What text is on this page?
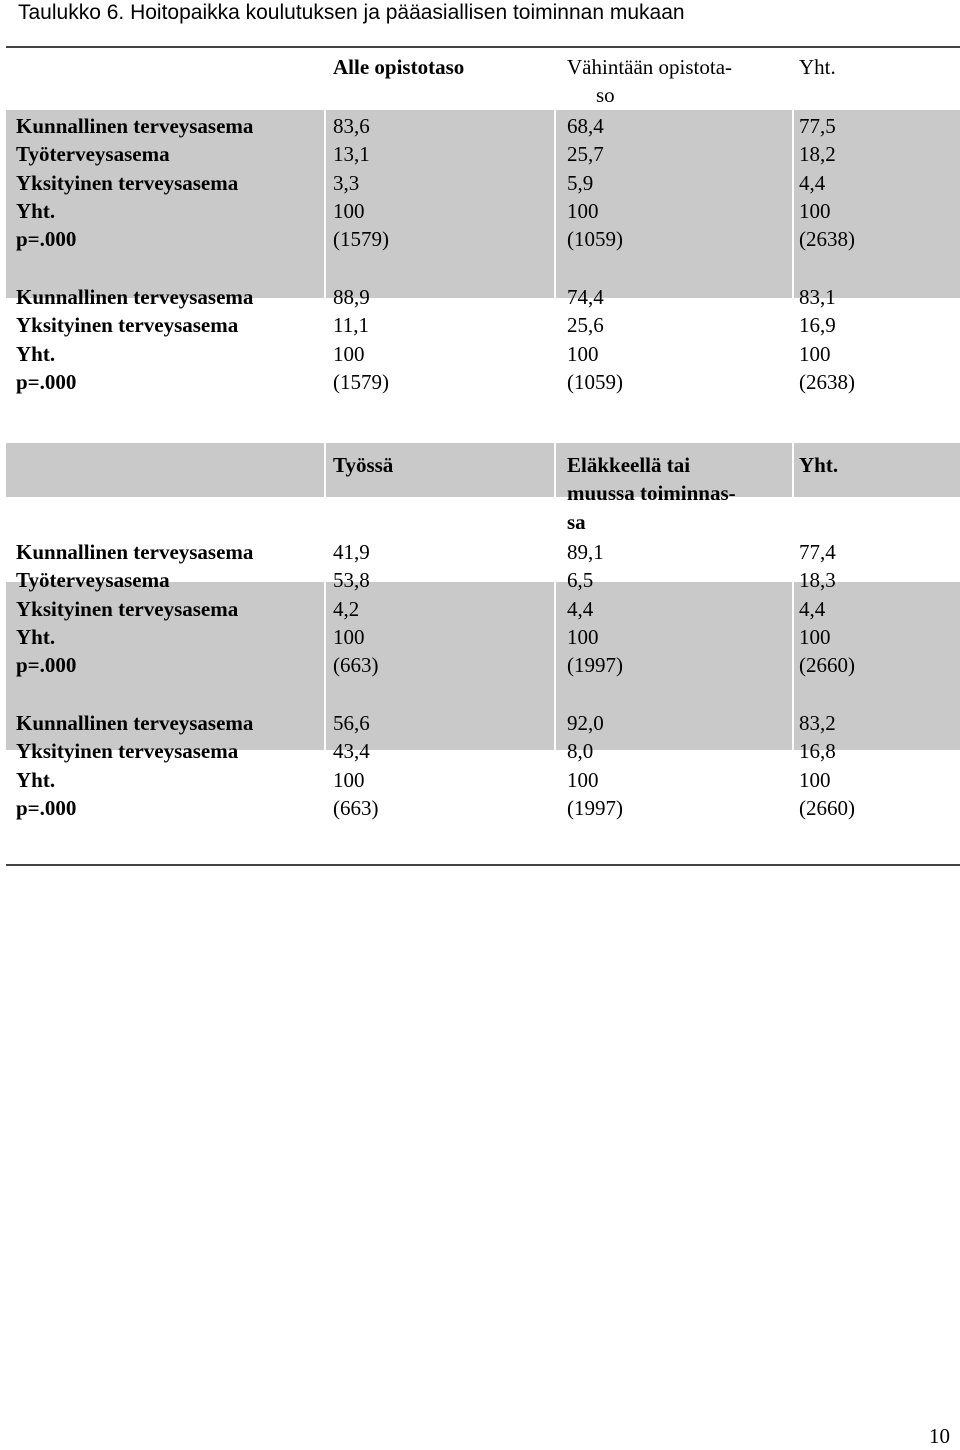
Taulukko 6. Hoitopaikka koulutuksen ja pääasiallisen toiminnan mukaan
Alle opistotaso	Vähintään opistota-
so
Yht.
Työssä	Eläkkeellä tai
muussa toiminnas-
sa
Yht.
Kunnallinen terveysasema
Työterveysasema
Yksityinen terveysasema
Yht.
p=.000
83,6
13,1
3,3
100
(1579)
68,4
25,7
5,9
100
(1059)
77,5
18,2
4,4
100
(2638)
Kunnallinen terveysasema
Yksityinen terveysasema
Yht.
p=.000
88,9
11,1
100
(1579)
74,4
25,6
100
(1059)
83,1
16,9
100
(2638)
Kunnallinen terveysasema
Työterveysasema
Yksityinen terveysasema
Yht.
p=.000
41,9
53,8
4,2
100
(663)
89,1
6,5
4,4
100
(1997)
77,4
18,3
4,4
100
(2660)
Kunnallinen terveysasema
Yksityinen terveysasema
Yht.
p=.000
56,6
43,4
100
(663)
92,0
8,0
100
(1997)
83,2
16,8
100
(2660)
10
